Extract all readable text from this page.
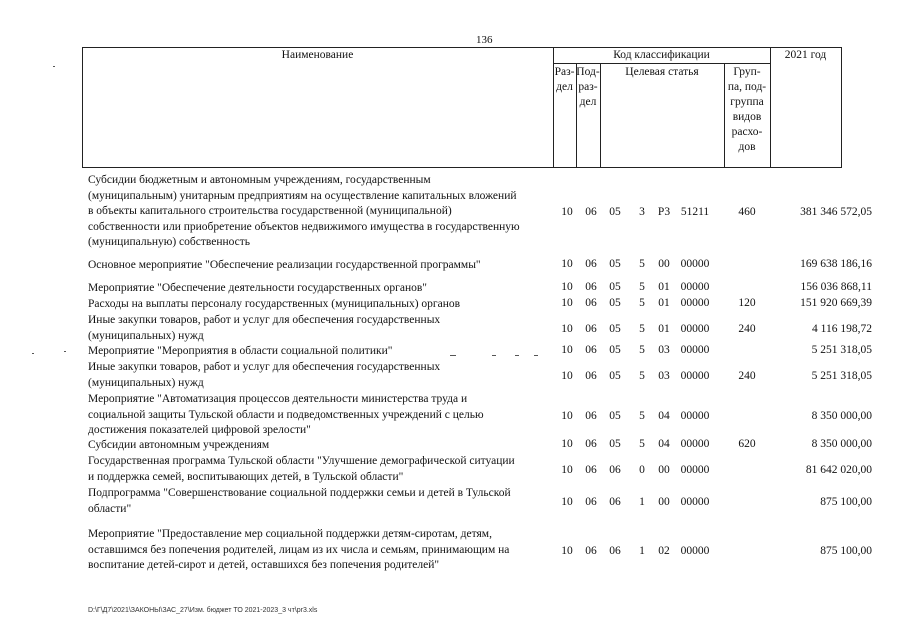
136
Наименование	Код классификации	2021 год
Раз-
дел
Под-
раз-
дел
Целевая статья	Груп-
па, под-
группа
видов
расхо-
дов
Субсидии бюджетным и автономным учреждениям, государственным
(муниципальным) унитарным предприятиям на осуществление капитальных вложений
в объекты капитального строительства государственной (муниципальной)
собственности или приобретение объектов недвижимого имущества в государственную
(муниципальную) собственность
10 06 05	3	Р3 51211	460	381 346 572,05
Основное мероприятие "Обеспечение реализации государственной программы"	10 06 05	5	00 00000	169 638 186,16
Мероприятие "Обеспечение деятельности государственных органов"	10 06 05	5	01 00000	156 036 868,11
Расходы на выплаты персоналу государственных (муниципальных) органов	10 06 05	5	01 00000	120	151 920 669,39
Иные закупки товаров, работ и услуг для обеспечения государственных
(муниципальных) нужд
10 06 05	5	01 00000	240	4 116 198,72
Мероприятие "Мероприятия в области социальной политики"	10 06 05	5	03 00000	5 251 318,05
Иные закупки товаров, работ и услуг для обеспечения государственных
(муниципальных) нужд
10 06 05	5	03 00000	240	5 251 318,05
Мероприятие "Автоматизация процессов деятельности министерства труда и
социальной защиты Тульской области и подведомственных учреждений с целью
достижения показателей цифровой зрелости"
10 06 05	5	04 00000	8 350 000,00
Субсидии автономным учреждениям	10 06 05	5	04 00000	620	8 350 000,00
Государственная программа Тульской области "Улучшение демографической ситуации
и поддержка семей, воспитывающих детей, в Тульской области"
10 06 06	0	00 00000	81 642 020,00
Подпрограмма "Совершенствование социальной поддержки семьи и детей в Тульской
области"
10 06 06	1	00 00000	875 100,00
Мероприятие "Предоставление мер социальной поддержки детям-сиротам, детям,
оставшимся без попечения родителей, лицам из их числа и семьям, принимающим на
воспитание детей-сирот и детей, оставшихся без попечения родителей"
10 06 06	1	02 00000	875 100,00
D:\Г\Д7\2021\ЗАКОНЫ\ЗАС_27\Изм. бюджет ТО 2021-2023_3 чт\pr3.xls
